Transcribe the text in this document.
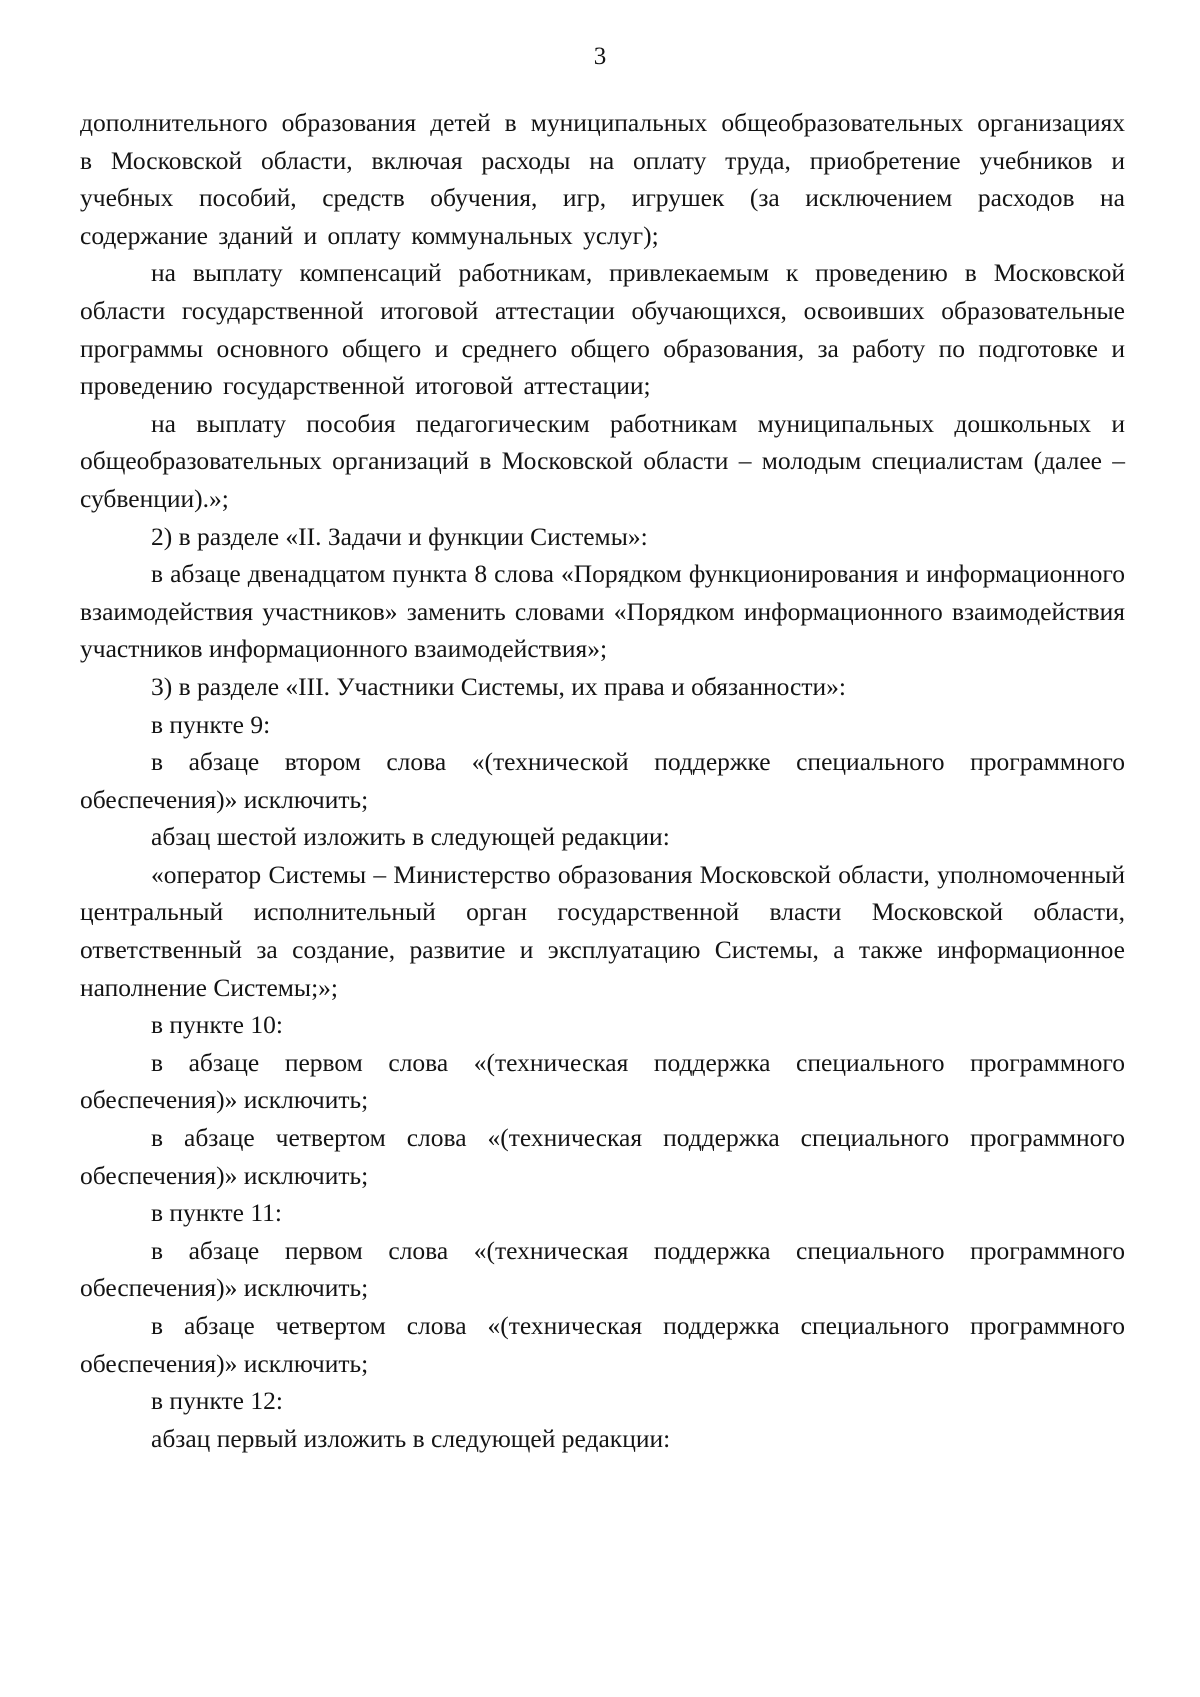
3

дополнительного образования детей в муниципальных общеобразовательных организациях в Московской области, включая расходы на оплату труда, приобретение учебников и учебных пособий, средств обучения, игр, игрушек (за исключением расходов на содержание зданий и оплату коммунальных услуг);

на выплату компенсаций работникам, привлекаемым к проведению в Московской области государственной итоговой аттестации обучающихся, освоивших образовательные программы основного общего и среднего общего образования, за работу по подготовке и проведению государственной итоговой аттестации;

на выплату пособия педагогическим работникам муниципальных дошкольных и общеобразовательных организаций в Московской области – молодым специалистам (далее – субвенции).»;

2) в разделе «II. Задачи и функции Системы»:

в абзаце двенадцатом пункта 8 слова «Порядком функционирования и информационного взаимодействия участников» заменить словами «Порядком информационного взаимодействия участников информационного взаимодействия»;

3) в разделе «III. Участники Системы, их права и обязанности»:

в пункте 9:

в абзаце втором слова «(технической поддержке специального программного обеспечения)» исключить;

абзац шестой изложить в следующей редакции:

«оператор Системы – Министерство образования Московской области, уполномоченный центральный исполнительный орган государственной власти Московской области, ответственный за создание, развитие и эксплуатацию Системы, а также информационное наполнение Системы;»;

в пункте 10:

в абзаце первом слова «(техническая поддержка специального программного обеспечения)» исключить;

в абзаце четвертом слова «(техническая поддержка специального программного обеспечения)» исключить;

в пункте 11:

в абзаце первом слова «(техническая поддержка специального программного обеспечения)» исключить;

в абзаце четвертом слова «(техническая поддержка специального программного обеспечения)» исключить;

в пункте 12:

абзац первый изложить в следующей редакции:
